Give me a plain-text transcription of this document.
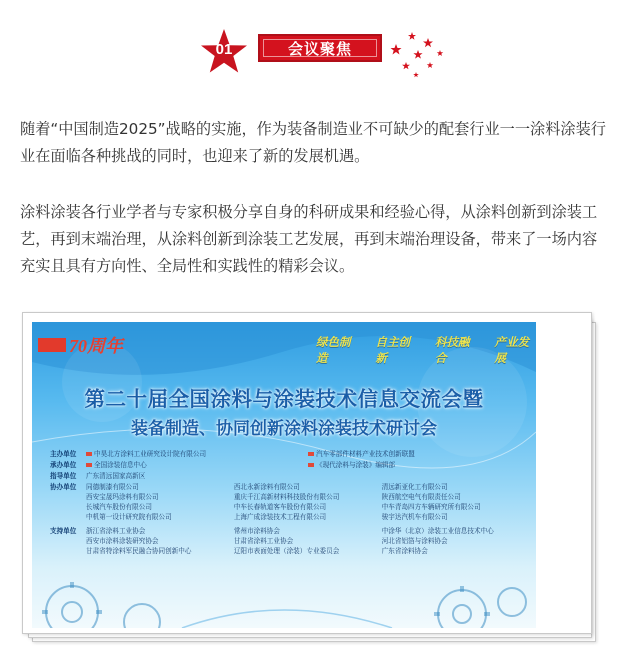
01	会议聚焦

随着“中国制造2025”战略的实施，作为装备制造业不可缺少的配套行业一一涂料涂装行业在面临各种挑战的同时，也迎来了新的发展机遇。

涂料涂装各行业学者与专家积极分享自身的科研成果和经验心得，从涂料创新到涂装工艺，再到末端治理，从涂料创新到涂装工艺发展，再到末端治理设备，带来了一场内容充实且具有方向性、全局性和实践性的精彩会议。

70周年	绿色制造
自主创新
科技融合
产业发展
第二十届全国涂料与涂装技术信息交流会暨
装备制造、协同创新涂料涂装技术研讨会
主办单位	中昊北方涂料工业研究设计院有限公司	汽车零部件材料产业技术创新联盟
承办单位	全国涂装信息中心	《现代涂料与涂装》编辑部
指导单位	广东清远国家高新区
协办单位	同德制漆有限公司	西北永新涂料有限公司	清远新亚化工有限公司
西安宝晟玛涂料有限公司	重庆千江高新材料科技股份有限公司	陕西航空电气有限责任公司
长城汽车股份有限公司	中车长春轨道客车股份有限公司	中车青岛四方车辆研究所有限公司
中机第一设计研究院有限公司	上海广成涂装技术工程有限公司	骏宇达汽机车有限公司
支持单位	浙江省涂料工业协会	常州市涂料协会	中涂华（北京）涂装工业信息技术中心
西安市涂料涂装研究协会	甘肃省涂料工业协会	河北省铝箔与涂料协会
甘肃省特涂料军民融合协同创新中心	辽阳市表面处理（涂装）专业委员会	广东省涂料协会
